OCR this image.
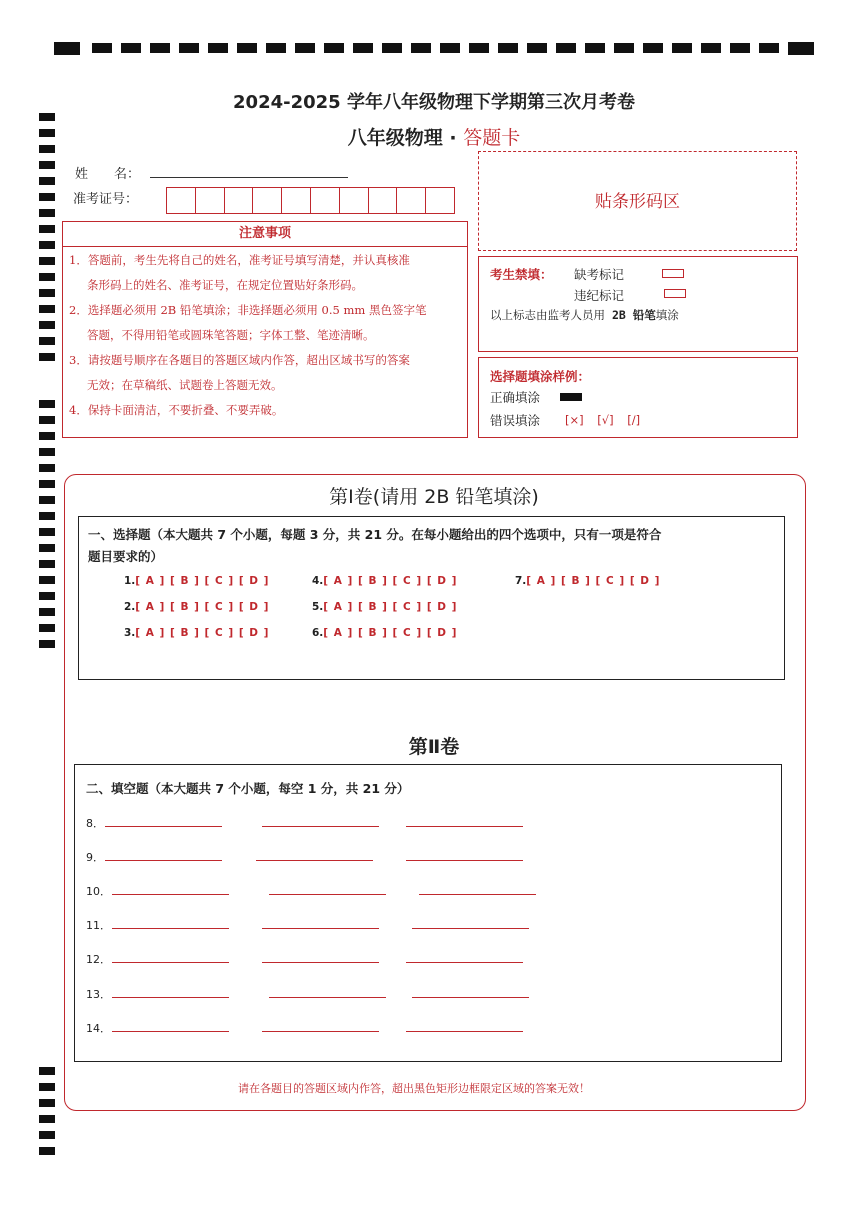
2024-2025 学年八年级物理下学期第三次月考卷
八年级物理 · 答题卡
姓　　名：
准考证号：	贴条形码区
注意事项
1．答题前，考生先将自己的姓名，准考证号填写清楚，并认真核准
条形码上的姓名、准考证号，在规定位置贴好条形码。
2．选择题必须用 2B 铅笔填涂；非选择题必须用 0.5 mm 黑色签字笔
答题，不得用铅笔或圆珠笔答题；字体工整、笔迹清晰。
3．请按题号顺序在各题目的答题区域内作答，超出区域书写的答案
无效；在草稿纸、试题卷上答题无效。
4．保持卡面清洁，不要折叠、不要弄破。
考生禁填： 缺考标记
违纪标记
以上标志由监考人员用 2B 铅笔填涂
选择题填涂样例：
正确填涂
错误填涂 [×] [√] [/]
第Ⅰ卷(请用 2B 铅笔填涂)
一、选择题（本大题共 7 个小题，每题 3 分，共 21 分。在每小题给出的四个选项中，只有一项是符合
题目要求的）
1.[ A ] [ B ] [ C ] [ D ]
2.[ A ] [ B ] [ C ] [ D ]
3.[ A ] [ B ] [ C ] [ D ]
4.[ A ] [ B ] [ C ] [ D ]
5.[ A ] [ B ] [ C ] [ D ]
6.[ A ] [ B ] [ C ] [ D ]
7.[ A ] [ B ] [ C ] [ D ]
第Ⅱ卷
二、填空题（本大题共 7 个小题，每空 1 分，共 21 分）
8．
9．
10．
11．
12．
13．
14．
请在各题目的答题区域内作答，超出黑色矩形边框限定区域的答案无效！
